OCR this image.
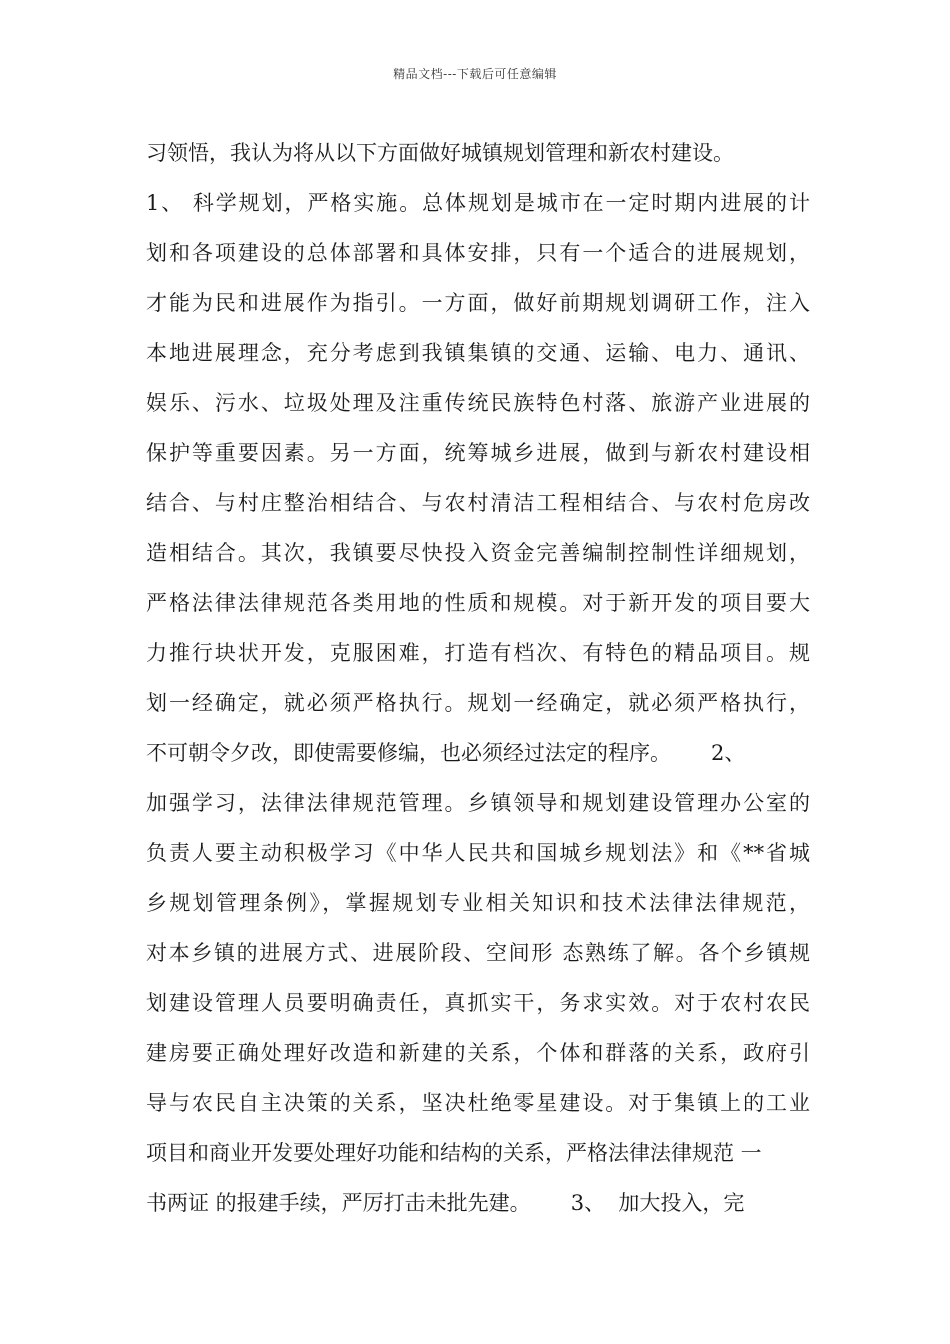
精品文档---下载后可任意编辑
习领悟，我认为将从以下方面做好城镇规划管理和新农村建设。
1、 科学规划，严格实施。总体规划是城市在一定时期内进展的计
划和各项建设的总体部署和具体安排，只有一个适合的进展规划，
才能为民和进展作为指引。一方面，做好前期规划调研工作，注入
本地进展理念，充分考虑到我镇集镇的交通、运输、电力、通讯、
娱乐、污水、垃圾处理及注重传统民族特色村落、旅游产业进展的
保护等重要因素。另一方面，统筹城乡进展，做到与新农村建设相
结合、与村庄整治相结合、与农村清洁工程相结合、与农村危房改
造相结合。其次，我镇要尽快投入资金完善编制控制性详细规划，
严格法律法律规范各类用地的性质和规模。对于新开发的项目要大
力推行块状开发，克服困难，打造有档次、有特色的精品项目。规
划一经确定，就必须严格执行。规划一经确定，就必须严格执行，
不可朝令夕改，即使需要修编，也必须经过法定的程序。      2、
加强学习，法律法律规范管理。乡镇领导和规划建设管理办公室的
负责人要主动积极学习《中华人民共和国城乡规划法》和《**省城
乡规划管理条例》，掌握规划专业相关知识和技术法律法律规范，
对本乡镇的进展方式、进展阶段、空间形 态熟练了解。各个乡镇规
划建设管理人员要明确责任，真抓实干，务求实效。对于农村农民
建房要正确处理好改造和新建的关系，个体和群落的关系，政府引
导与农民自主决策的关系，坚决杜绝零星建设。对于集镇上的工业
项目和商业开发要处理好功能和结构的关系，严格法律法律规范 一
书两证 的报建手续，严厉打击未批先建。      3、  加大投入，完
